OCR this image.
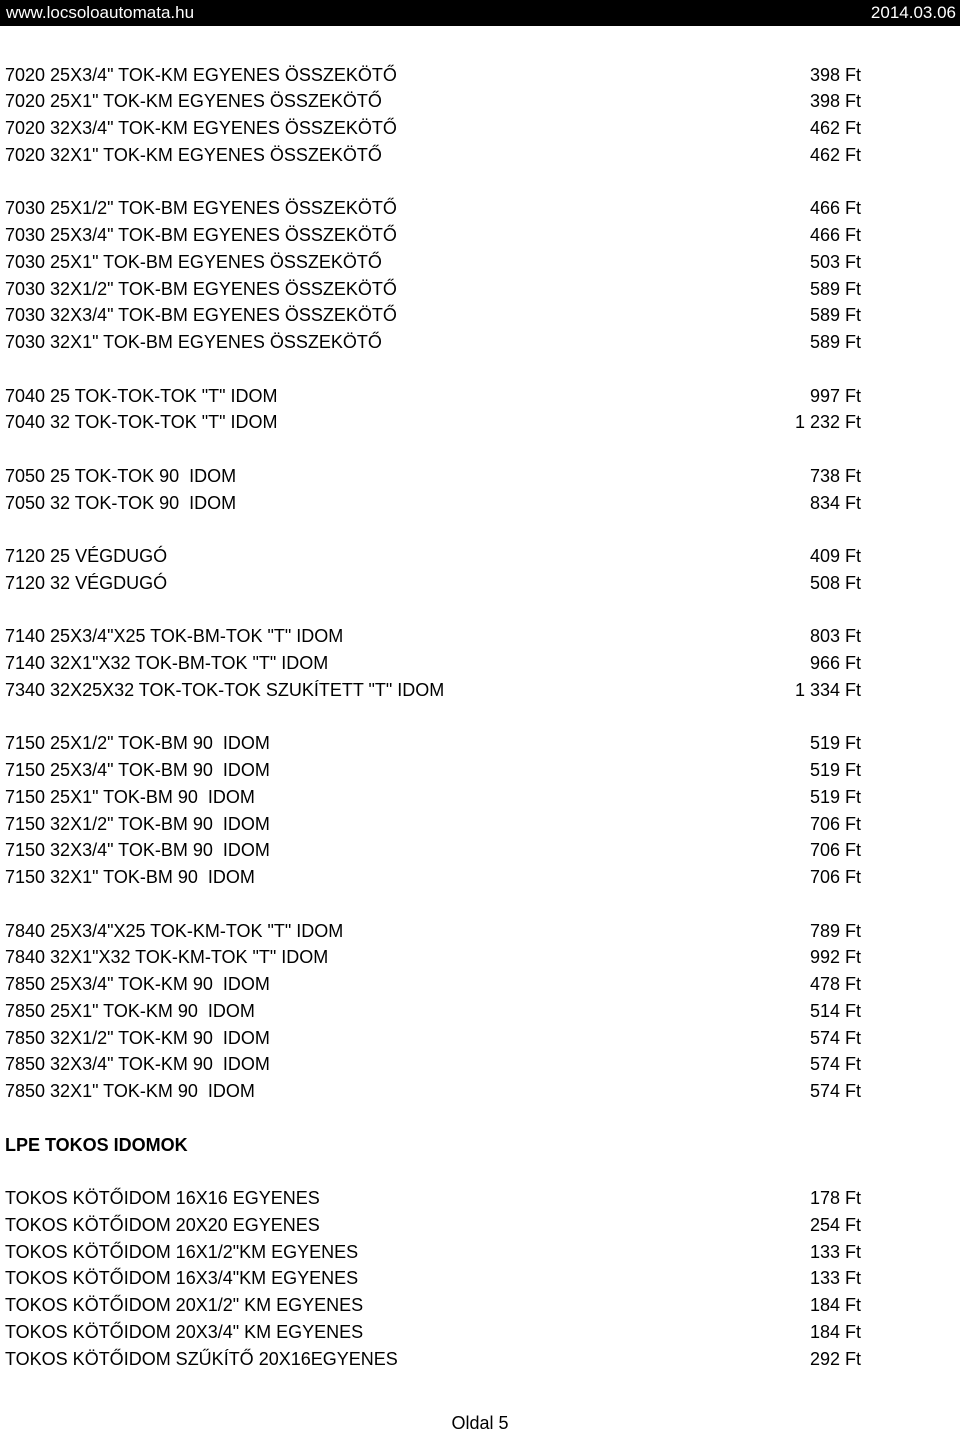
www.locsoloautomata.hu	2014.03.06
7020 25X3/4" TOK-KM EGYENES ÖSSZEKÖTŐ	398 Ft
7020 25X1" TOK-KM EGYENES ÖSSZEKÖTŐ	398 Ft
7020 32X3/4" TOK-KM EGYENES ÖSSZEKÖTŐ	462 Ft
7020 32X1" TOK-KM EGYENES ÖSSZEKÖTŐ	462 Ft
7030 25X1/2" TOK-BM EGYENES ÖSSZEKÖTŐ	466 Ft
7030 25X3/4" TOK-BM EGYENES ÖSSZEKÖTŐ	466 Ft
7030 25X1" TOK-BM EGYENES ÖSSZEKÖTŐ	503 Ft
7030 32X1/2" TOK-BM EGYENES ÖSSZEKÖTŐ	589 Ft
7030 32X3/4" TOK-BM EGYENES ÖSSZEKÖTŐ	589 Ft
7030 32X1" TOK-BM EGYENES ÖSSZEKÖTŐ	589 Ft
7040 25 TOK-TOK-TOK "T" IDOM	997 Ft
7040 32 TOK-TOK-TOK "T" IDOM	1 232 Ft
7050 25 TOK-TOK 90  IDOM	738 Ft
7050 32 TOK-TOK 90  IDOM	834 Ft
7120 25 VÉGDUGÓ	409 Ft
7120 32 VÉGDUGÓ	508 Ft
7140 25X3/4"X25 TOK-BM-TOK "T" IDOM	803 Ft
7140 32X1"X32 TOK-BM-TOK "T" IDOM	966 Ft
7340 32X25X32 TOK-TOK-TOK SZUKÍTETT "T" IDOM	1 334 Ft
7150 25X1/2" TOK-BM 90  IDOM	519 Ft
7150 25X3/4" TOK-BM 90  IDOM	519 Ft
7150 25X1" TOK-BM 90  IDOM	519 Ft
7150 32X1/2" TOK-BM 90  IDOM	706 Ft
7150 32X3/4" TOK-BM 90  IDOM	706 Ft
7150 32X1" TOK-BM 90  IDOM	706 Ft
7840 25X3/4"X25 TOK-KM-TOK "T" IDOM	789 Ft
7840 32X1"X32 TOK-KM-TOK "T" IDOM	992 Ft
7850 25X3/4" TOK-KM 90  IDOM	478 Ft
7850 25X1" TOK-KM 90  IDOM	514 Ft
7850 32X1/2" TOK-KM 90  IDOM	574 Ft
7850 32X3/4" TOK-KM 90  IDOM	574 Ft
7850 32X1" TOK-KM 90  IDOM	574 Ft
LPE TOKOS IDOMOK
TOKOS KÖTŐIDOM 16X16 EGYENES	178 Ft
TOKOS KÖTŐIDOM 20X20 EGYENES	254 Ft
TOKOS KÖTŐIDOM 16X1/2"KM EGYENES	133 Ft
TOKOS KÖTŐIDOM 16X3/4"KM EGYENES	133 Ft
TOKOS KÖTŐIDOM 20X1/2" KM EGYENES	184 Ft
TOKOS KÖTŐIDOM 20X3/4" KM EGYENES	184 Ft
TOKOS KÖTŐIDOM SZŰKÍTŐ 20X16EGYENES	292 Ft
Oldal 5
